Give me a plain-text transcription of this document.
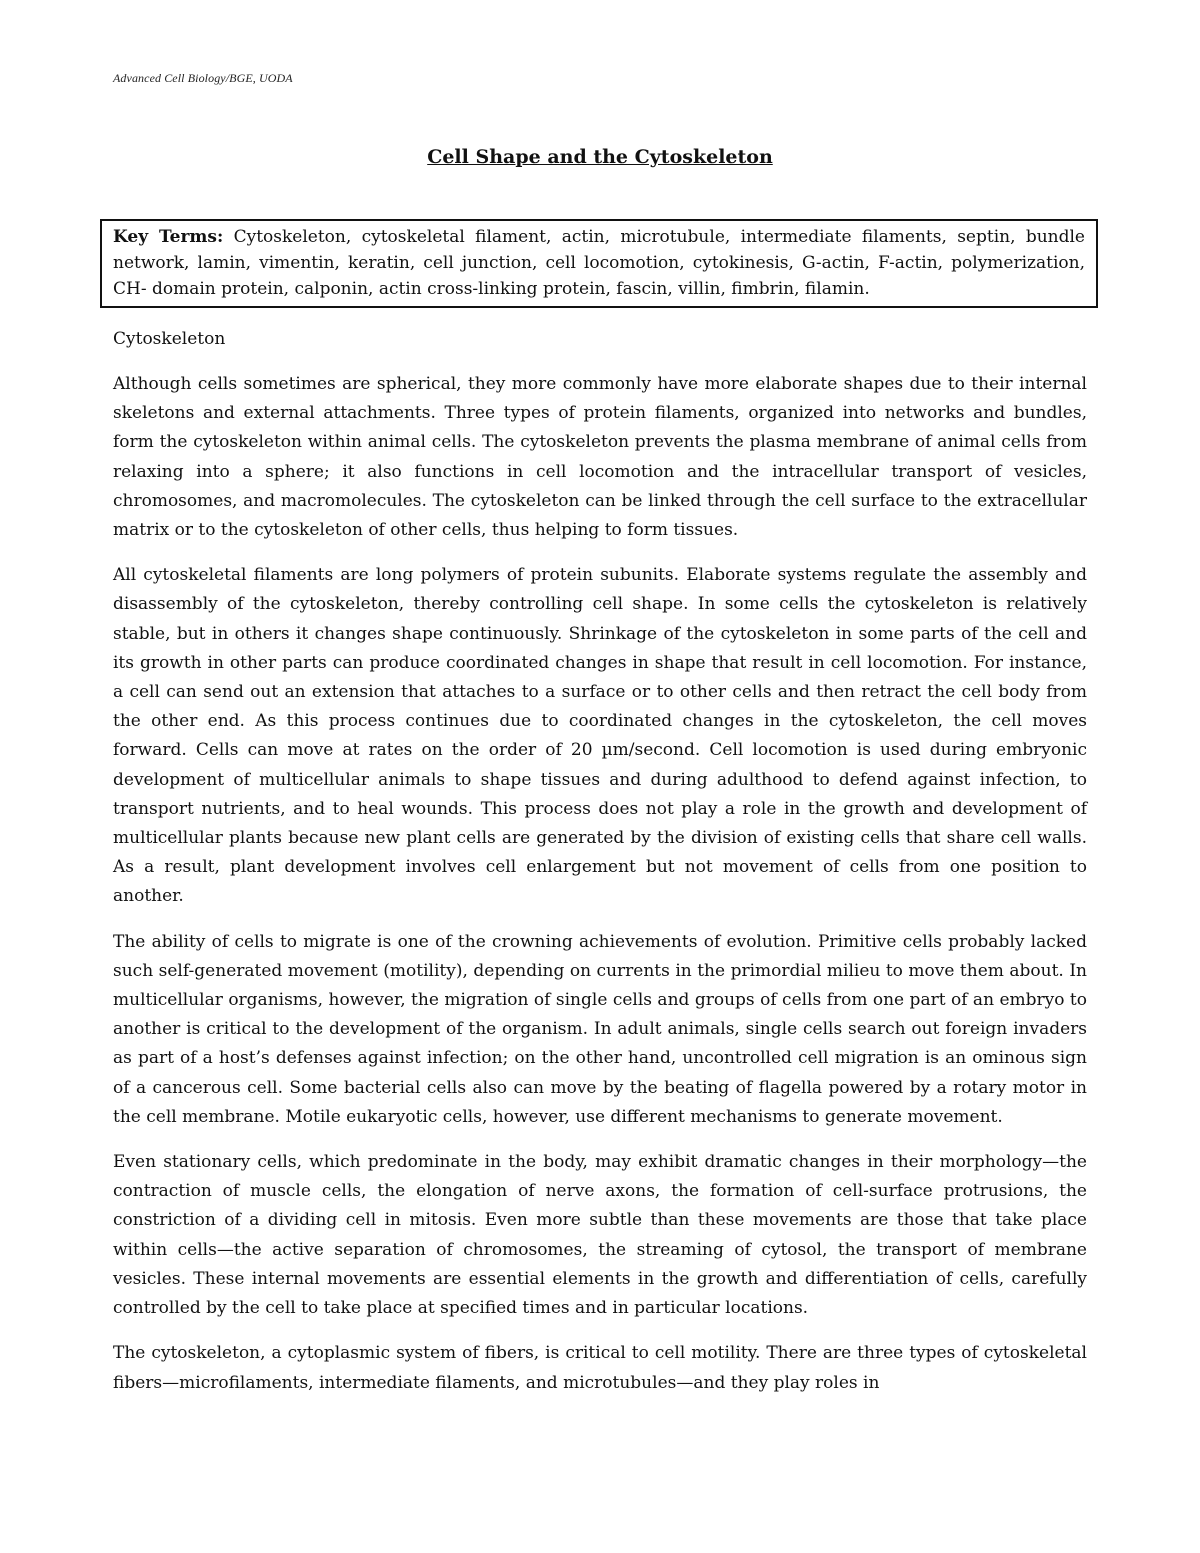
Advanced Cell Biology/BGE, UODA
Cell Shape and the Cytoskeleton
Key Terms: Cytoskeleton, cytoskeletal filament, actin, microtubule, intermediate filaments, septin, bundle network, lamin, vimentin, keratin, cell junction, cell locomotion, cytokinesis, G-actin, F-actin, polymerization, CH- domain protein, calponin, actin cross-linking protein, fascin, villin, fimbrin, filamin.
Cytoskeleton

Although cells sometimes are spherical, they more commonly have more elaborate shapes due to their internal skeletons and external attachments. Three types of protein filaments, organized into networks and bundles, form the cytoskeleton within animal cells. The cytoskeleton prevents the plasma membrane of animal cells from relaxing into a sphere; it also functions in cell locomotion and the intracellular transport of vesicles, chromosomes, and macromolecules. The cytoskeleton can be linked through the cell surface to the extracellular matrix or to the cytoskeleton of other cells, thus helping to form tissues.

All cytoskeletal filaments are long polymers of protein subunits. Elaborate systems regulate the assembly and disassembly of the cytoskeleton, thereby controlling cell shape. In some cells the cytoskeleton is relatively stable, but in others it changes shape continuously. Shrinkage of the cytoskeleton in some parts of the cell and its growth in other parts can produce coordinated changes in shape that result in cell locomotion. For instance, a cell can send out an extension that attaches to a surface or to other cells and then retract the cell body from the other end. As this process continues due to coordinated changes in the cytoskeleton, the cell moves forward. Cells can move at rates on the order of 20 µm/second. Cell locomotion is used during embryonic development of multicellular animals to shape tissues and during adulthood to defend against infection, to transport nutrients, and to heal wounds. This process does not play a role in the growth and development of multicellular plants because new plant cells are generated by the division of existing cells that share cell walls. As a result, plant development involves cell enlargement but not movement of cells from one position to another.

The ability of cells to migrate is one of the crowning achievements of evolution. Primitive cells probably lacked such self-generated movement (motility), depending on currents in the primordial milieu to move them about. In multicellular organisms, however, the migration of single cells and groups of cells from one part of an embryo to another is critical to the development of the organism. In adult animals, single cells search out foreign invaders as part of a host’s defenses against infection; on the other hand, uncontrolled cell migration is an ominous sign of a cancerous cell. Some bacterial cells also can move by the beating of flagella powered by a rotary motor in the cell membrane. Motile eukaryotic cells, however, use different mechanisms to generate movement.

Even stationary cells, which predominate in the body, may exhibit dramatic changes in their morphology—the contraction of muscle cells, the elongation of nerve axons, the formation of cell-surface protrusions, the constriction of a dividing cell in mitosis. Even more subtle than these movements are those that take place within cells—the active separation of chromosomes, the streaming of cytosol, the transport of membrane vesicles. These internal movements are essential elements in the growth and differentiation of cells, carefully controlled by the cell to take place at specified times and in particular locations.

The cytoskeleton, a cytoplasmic system of fibers, is critical to cell motility. There are three types of cytoskeletal fibers—microfilaments, intermediate filaments, and microtubules—and they play roles in
